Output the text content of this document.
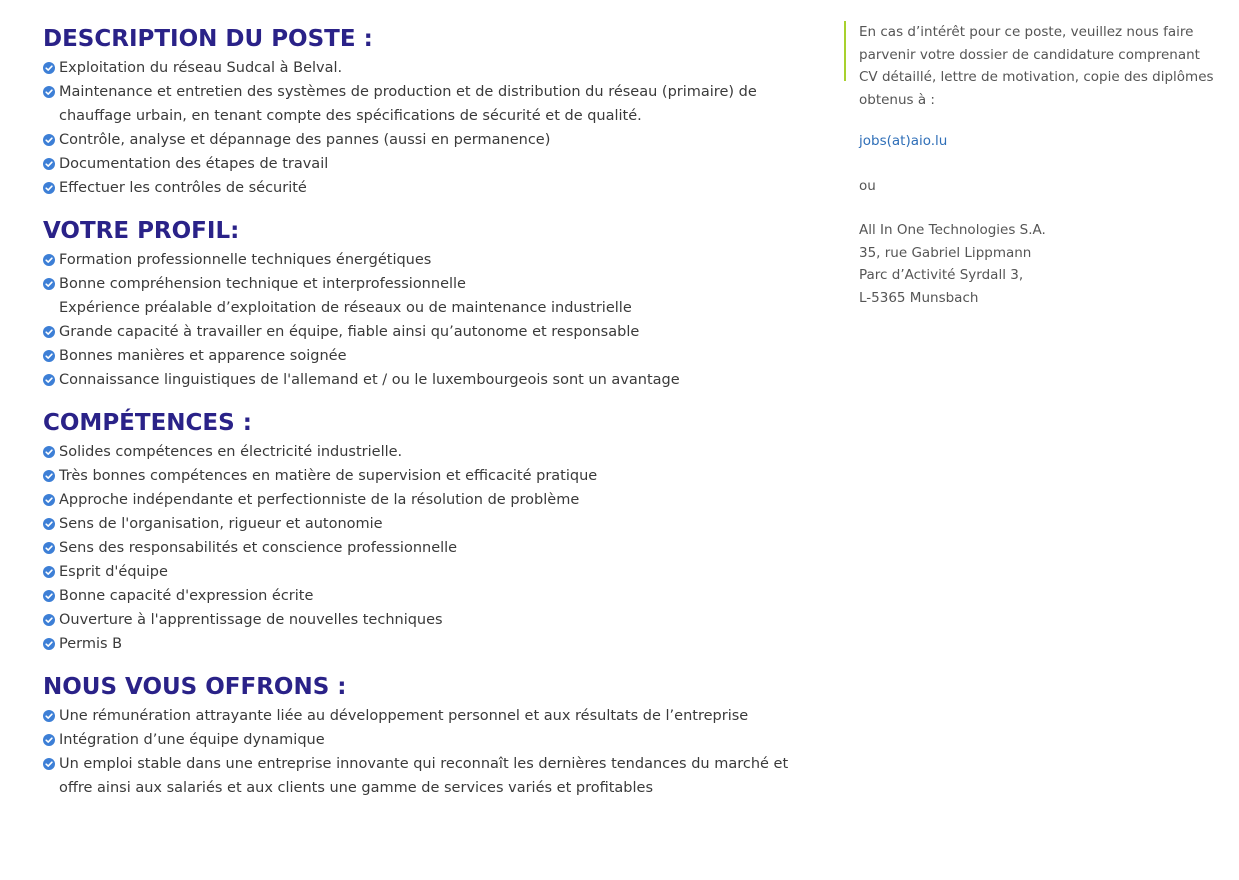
DESCRIPTION DU POSTE :
Exploitation du réseau Sudcal à Belval.
Maintenance et entretien des systèmes de production et de distribution du réseau (primaire) de chauffage urbain, en tenant compte des spécifications de sécurité et de qualité.
Contrôle, analyse et dépannage des pannes (aussi en permanence)
Documentation des étapes de travail
Effectuer les contrôles de sécurité
VOTRE PROFIL:
Formation professionnelle techniques énergétiques
Bonne compréhension technique et interprofessionnelle
Expérience préalable d’exploitation de réseaux ou de maintenance industrielle
Grande capacité à travailler en équipe, fiable ainsi qu’autonome et responsable
Bonnes manières et apparence soignée
Connaissance linguistiques de l'allemand et / ou le luxembourgeois sont un avantage
COMPÉTENCES :
Solides compétences en électricité industrielle.
Très bonnes compétences en matière de supervision et efficacité pratique
Approche indépendante et perfectionniste de la résolution de problème
Sens de l'organisation, rigueur et autonomie
Sens des responsabilités et conscience professionnelle
Esprit d'équipe
Bonne capacité d'expression écrite
Ouverture à l'apprentissage de nouvelles techniques
Permis B
NOUS VOUS OFFRONS :
Une rémunération attrayante liée au développement personnel et aux résultats de l’entreprise
Intégration d’une équipe dynamique
Un emploi stable dans une entreprise innovante qui reconnaît les dernières tendances du marché et offre ainsi aux salariés et aux clients une gamme de services variés et profitables

En cas d’intérêt pour ce poste, veuillez nous faire parvenir votre dossier de candidature comprenant CV détaillé, lettre de motivation, copie des diplômes obtenus à :

jobs(at)aio.lu

ou

All In One Technologies S.A.

35, rue Gabriel Lippmann

Parc d’Activité Syrdall 3,

L-5365 Munsbach
